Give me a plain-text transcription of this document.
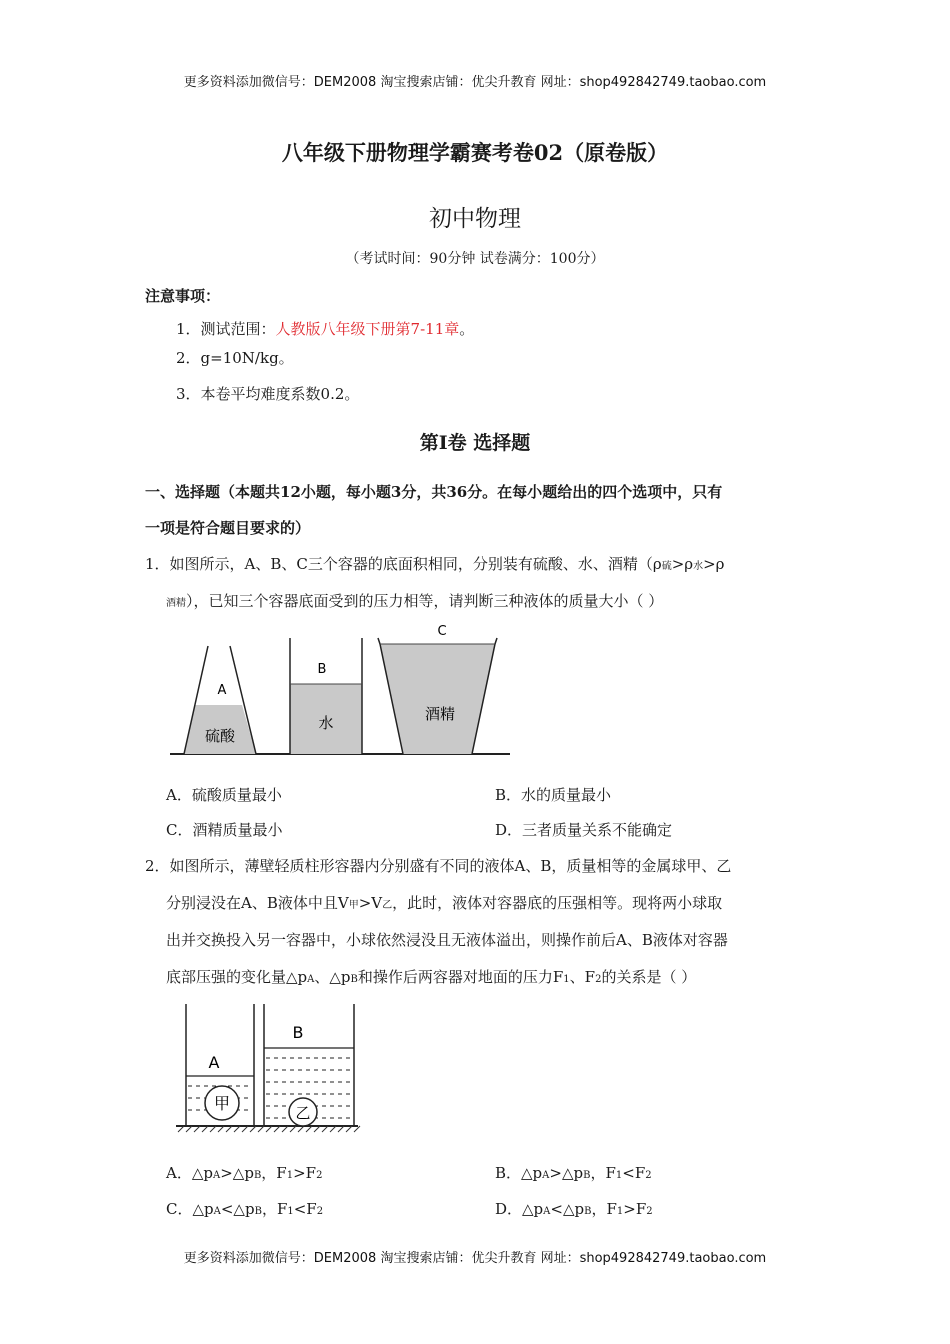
更多资料添加微信号：DEM2008 淘宝搜索店铺：优尖升教育 网址：shop492842749.taobao.com
八年级下册物理学霸赛考卷02（原卷版）
初中物理
（考试时间：90分钟 试卷满分：100分）
注意事项：
1．测试范围：人教版八年级下册第7-11章。
2．g=10N/kg。
3．本卷平均难度系数0.2。
第Ⅰ卷 选择题
一、选择题（本题共12小题，每小题3分，共36分。在每小题给出的四个选项中，只有
一项是符合题目要求的）
1．如图所示，A、B、C三个容器的底面积相同，分别装有硫酸、水、酒精（ρ硫>ρ水>ρ
酒精），已知三个容器底面受到的压力相等，请判断三种液体的质量大小（ ）
A
硫酸
B
水
C
酒精
A．硫酸质量最小	B．水的质量最小
C．酒精质量最小	D．三者质量关系不能确定
2．如图所示，薄壁轻质柱形容器内分别盛有不同的液体A、B，质量相等的金属球甲、乙
分别浸没在A、B液体中且V甲>V乙，此时，液体对容器底的压强相等。现将两小球取
出并交换投入另一容器中，小球依然浸没且无液体溢出，则操作前后A、B液体对容器
底部压强的变化量△pA、△pB和操作后两容器对地面的压力F1、F2的关系是（ ）
A
甲
B
乙
A．△pA>△pB，F1>F2	B．△pA>△pB，F1<F2
C．△pA<△pB，F1<F2	D．△pA<△pB，F1>F2
更多资料添加微信号：DEM2008 淘宝搜索店铺：优尖升教育 网址：shop492842749.taobao.com
